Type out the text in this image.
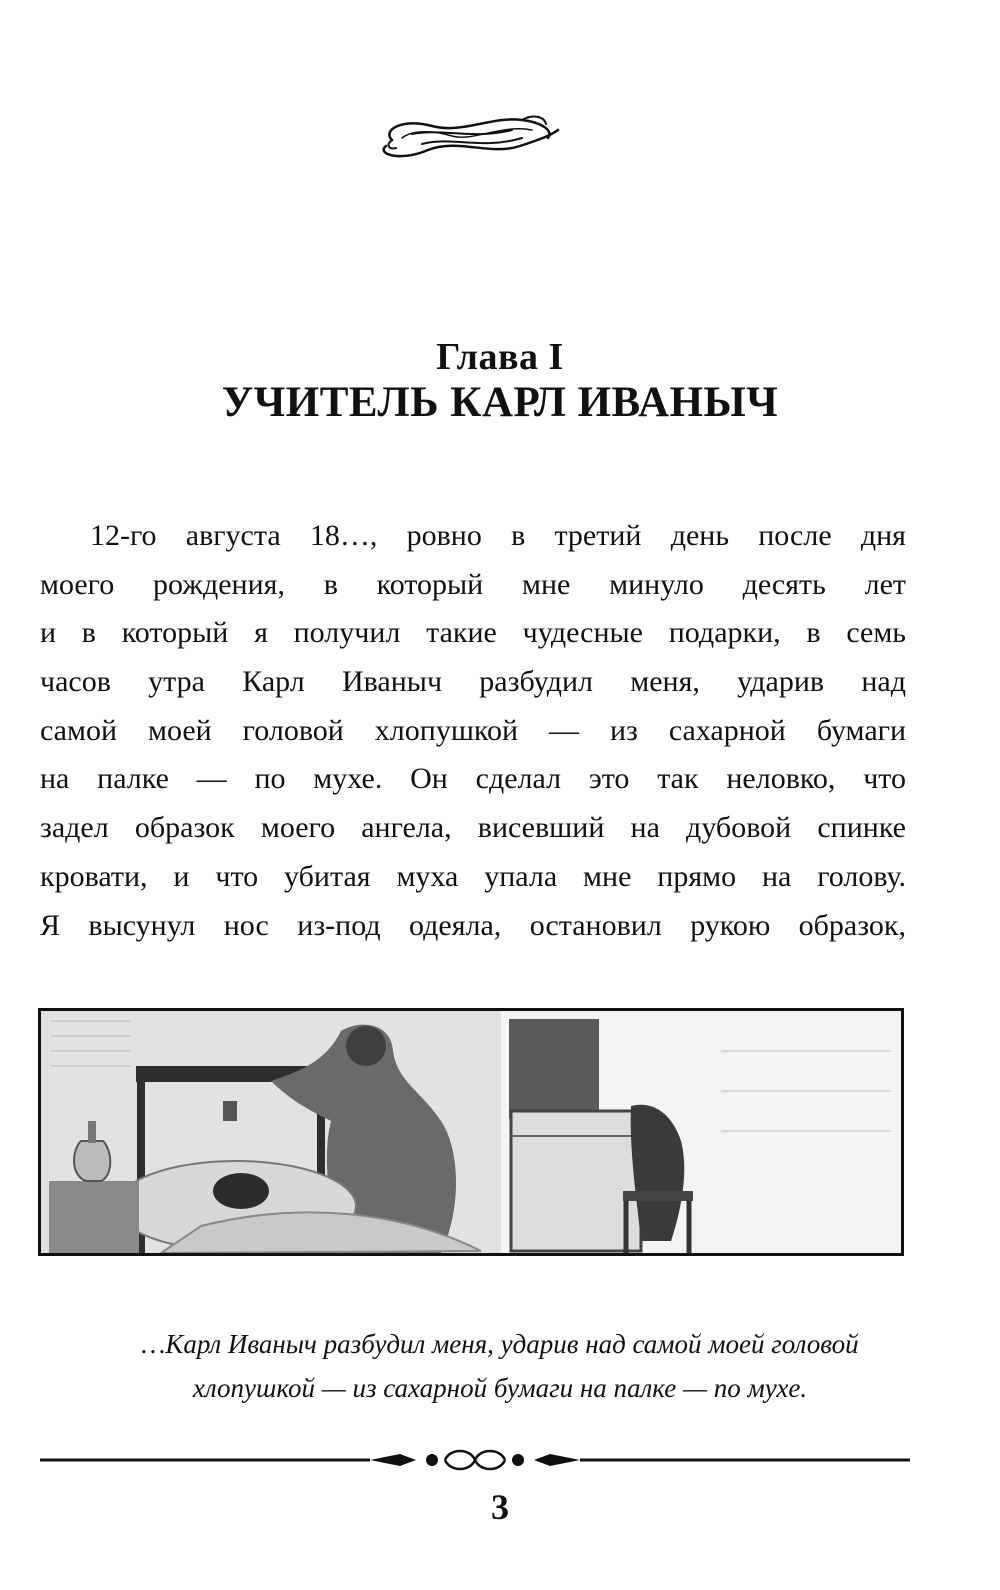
Глава I
УЧИТЕЛЬ КАРЛ ИВАНЫЧ
12-го августа 18…, ровно в третий день после дня
моего рождения, в который мне минуло десять лет
и в который я получил такие чудесные подарки, в семь
часов утра Карл Иваныч разбудил меня, ударив над
самой моей головой хлопушкой — из сахарной бумаги
на палке — по мухе. Он сделал это так неловко, что
задел образок моего ангела, висевший на дубовой спинке
кровати, и что убитая муха упала мне прямо на голову.
Я высунул нос из-под одеяла, остановил рукою образок,
…Карл Иваныч разбудил меня, ударив над самой моей головой
хлопушкой — из сахарной бумаги на палке — по мухе.
3
